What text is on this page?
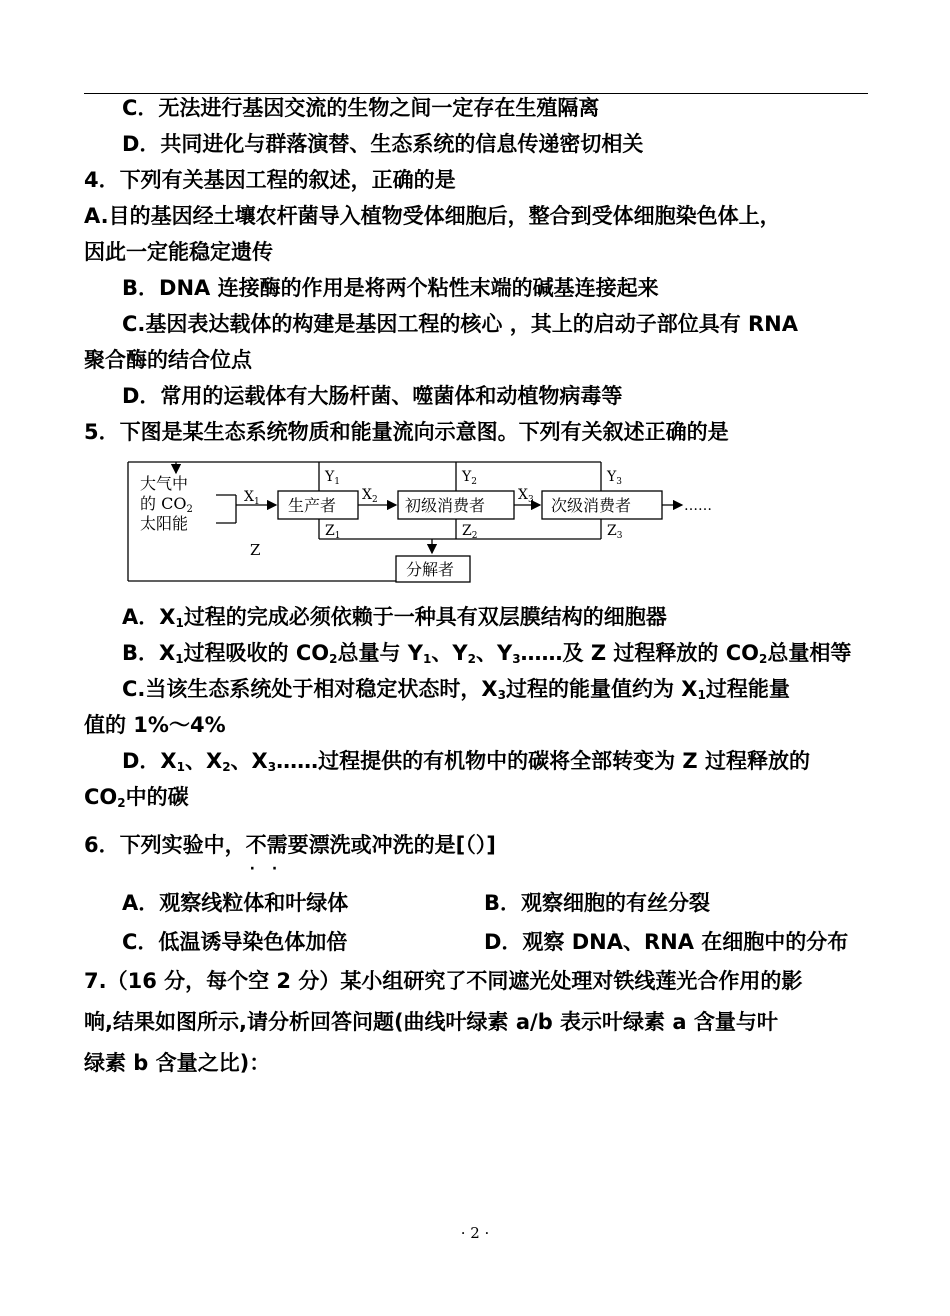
C．无法进行基因交流的生物之间一定存在生殖隔离
D．共同进化与群落演替、生态系统的信息传递密切相关
4．下列有关基因工程的叙述，正确的是
A.目的基因经土壤农杆菌导入植物受体细胞后，整合到受体细胞染色体上，
因此一定能稳定遗传
B．DNA 连接酶的作用是将两个粘性末端的碱基连接起来
C.基因表达载体的构建是基因工程的核心 ，其上的启动子部位具有 RNA
聚合酶的结合位点
D．常用的运载体有大肠杆菌、噬菌体和动植物病毒等
5．下图是某生态系统物质和能量流向示意图。下列有关叙述正确的是
大气中
的 CO2
太阳能
$X_1$ 生产者
$X_2$ 初级消费者
$X_3$ 次级消费者	……
$Y_1$	$Y_2$	$Y_3$
$Z_1$	$Z_2$	$Z_3$
分解者
Z
A．$X_1$过程的完成必须依赖于一种具有双层膜结构的细胞器
B．$X_1$过程吸收的 $CO_2$总量与 $Y_1$、$Y_2$、$Y_3\dots\dots$及 Z 过程释放的 $CO_2$总量相等
C.当该生态系统处于相对稳定状态时，$X_3$过程的能量值约为 $X_1$过程能量
值的 1%～4%
D．$X_1$、$X_2$、$X_3\dots\dots$过程提供的有机物中的碳将全部转变为 Z 过程释放的
$CO_2$中的碳
6．下列实验中，不需要 · ·漂洗或冲洗的是[（）]
A．观察线粒体和叶绿体	B．观察细胞的有丝分裂
C．低温诱导染色体加倍	D．观察 DNA、RNA 在细胞中的分布
7.（16 分，每个空 2 分）某小组研究了不同遮光处理对铁线莲光合作用的影
响,结果如图所示,请分析回答问题(曲线叶绿素 a/b 表示叶绿素 a 含量与叶
绿素 b 含量之比)：
· 2 ·
